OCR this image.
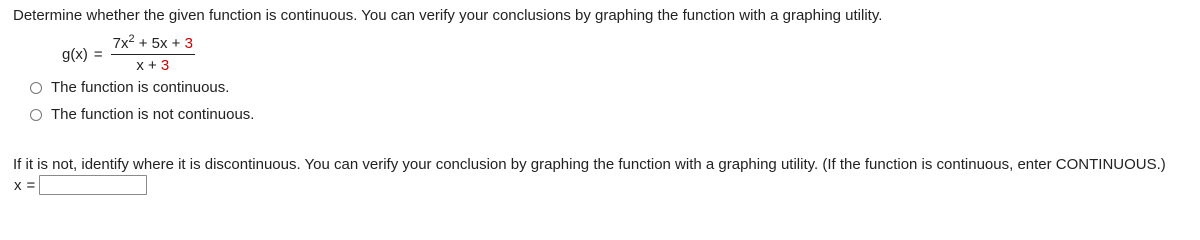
Determine whether the given function is continuous. You can verify your conclusions by graphing the function with a graphing utility.
$g(x) = \frac{7x^2 + 5x + 3}{x + 3}$
The function is continuous.
The function is not continuous.
If it is not, identify where it is discontinuous. You can verify your conclusion by graphing the function with a graphing utility. (If the function is continuous, enter CONTINUOUS.)
x =
